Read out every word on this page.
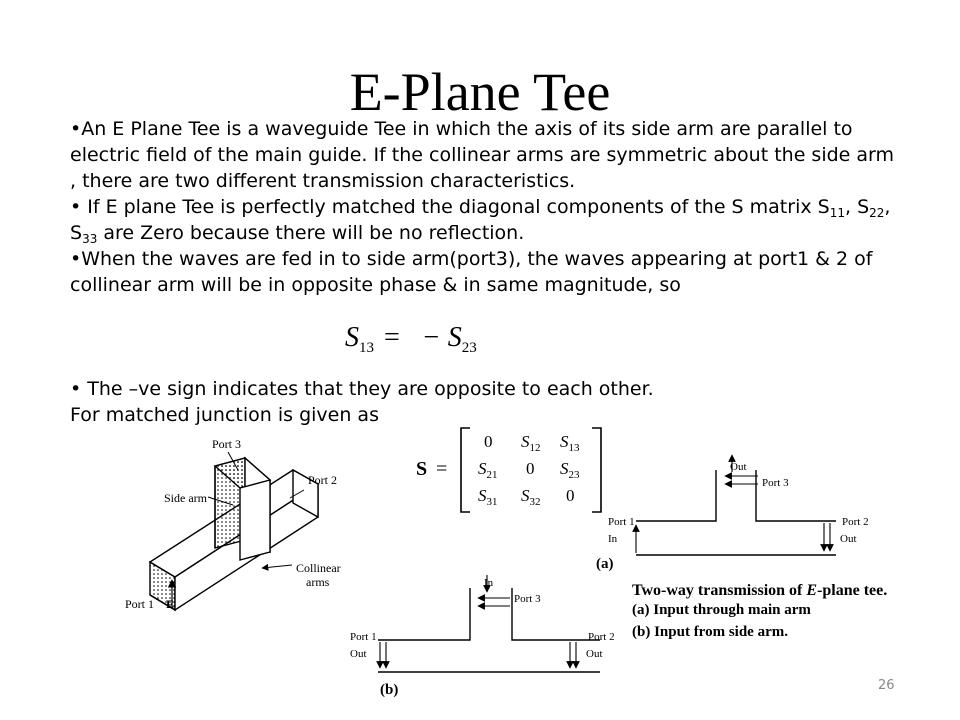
E-Plane Tee

•An E Plane Tee is a waveguide Tee in which the axis of its side arm are parallel to electric field of the main guide. If the collinear arms are symmetric about the side arm , there are two different transmission characteristics.

• If E plane Tee is perfectly matched the diagonal components of the S matrix $S_{11}$, $S_{22}$,
$S_{33}$ are Zero because there will be no reflection.

•When the waves are fed in to side arm(port3), the waves appearing at port1 & 2 of collinear arm will be in opposite phase & in same magnitude, so

$S_{13}$ = − $S_{23}$

• The –ve sign indicates that they are opposite to each other.

For matched junction is given as

Port 3
Side arm
Port 2
Collinear
arms
Port 1 E
S =
0 $S_{12}$ $S_{13}$
$S_{21}$ 0 $S_{23}$
$S_{31}$ $S_{32}$ 0
Out
Port 3
Port 1
In
Port 2
Out
(a)
Two-way transmission of E-plane tee.
(a) Input through main arm
(b) Input from side arm.
In
Port 3
Port 1
Out
Port 2
Out
(b)	26
